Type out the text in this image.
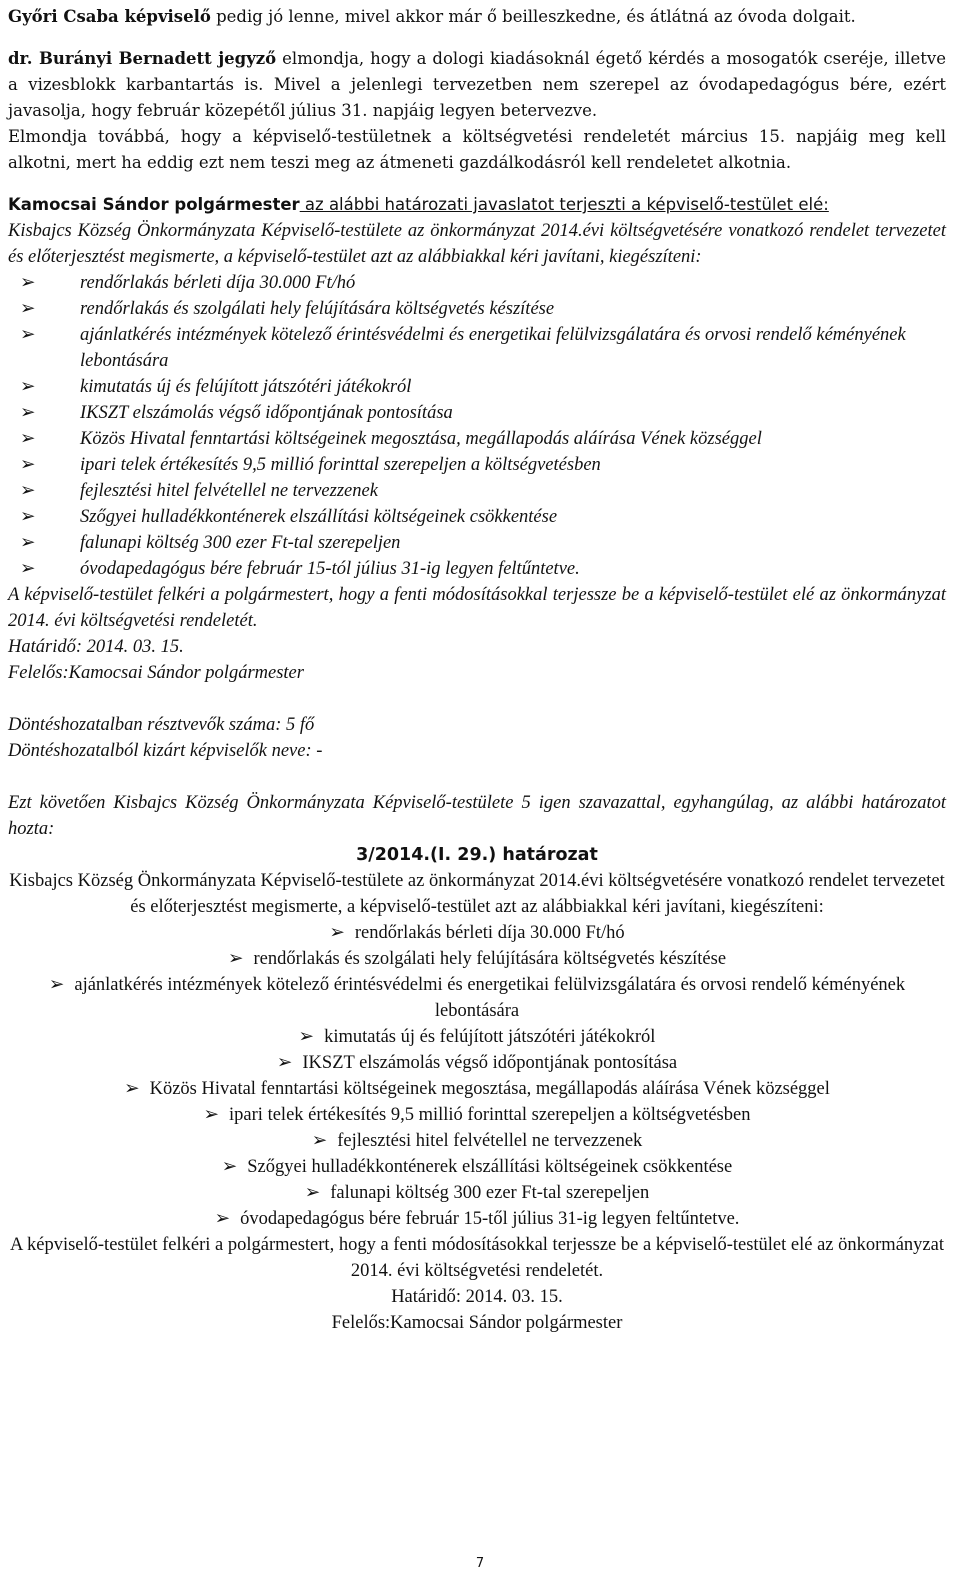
Győri Csaba képviselő pedig jó lenne, mivel akkor már ő beilleszkedne, és átlátná az óvoda dolgait.

dr. Burányi Bernadett jegyző elmondja, hogy a dologi kiadásoknál égető kérdés a mosogatók cseréje, illetve a vizesblokk karbantartás is. Mivel a jelenlegi tervezetben nem szerepel az óvodapedagógus bére, ezért javasolja, hogy február közepétől július 31. napjáig legyen betervezve.

Elmondja továbbá, hogy a képviselő-testületnek a költségvetési rendeletét március 15. napjáig meg kell alkotni, mert ha eddig ezt nem teszi meg az átmeneti gazdálkodásról kell rendeletet alkotnia.

Kamocsai Sándor polgármester az alábbi határozati javaslatot terjeszti a képviselő-testület elé:

Kisbajcs Község Önkormányzata Képviselő-testülete az önkormányzat 2014.évi költségvetésére vonatkozó rendelet tervezetet és előterjesztést megismerte, a képviselő-testület azt az alábbiakkal kéri javítani, kiegészíteni:

➢ rendőrlakás bérleti díja 30.000 Ft/hó
➢ rendőrlakás és szolgálati hely felújítására költségvetés készítése
➢ ajánlatkérés intézmények kötelező érintésvédelmi és energetikai felülvizsgálatára és orvosi rendelő kéményének lebontására
➢ kimutatás új és felújított játszótéri játékokról
➢ IKSZT elszámolás végső időpontjának pontosítása
➢ Közös Hivatal fenntartási költségeinek megosztása, megállapodás aláírása Vének községgel
➢ ipari telek értékesítés 9,5 millió forinttal szerepeljen a költségvetésben
➢ fejlesztési hitel felvétellel ne tervezzenek
➢ Szőgyei hulladékkonténerek elszállítási költségeinek csökkentése
➢ falunapi költség 300 ezer Ft-tal szerepeljen
➢ óvodapedagógus bére február 15-tól július 31-ig legyen feltűntetve.

A képviselő-testület felkéri a polgármestert, hogy a fenti módosításokkal terjessze be a képviselő-testület elé az önkormányzat 2014. évi költségvetési rendeletét.

Határidő: 2014. 03. 15.

Felelős:Kamocsai Sándor polgármester

Döntéshozatalban résztvevők száma: 5 fő

Döntéshozatalból kizárt képviselők neve: -

Ezt követően Kisbajcs Község Önkormányzata Képviselő-testülete 5 igen szavazattal, egyhangúlag, az alábbi határozatot hozta:

3/2014.(I. 29.) határozat

Kisbajcs Község Önkormányzata Képviselő-testülete az önkormányzat 2014.évi költségvetésére vonatkozó rendelet tervezetet és előterjesztést megismerte, a képviselő-testület azt az alábbiakkal kéri javítani, kiegészíteni:

➢ rendőrlakás bérleti díja 30.000 Ft/hó

➢ rendőrlakás és szolgálati hely felújítására költségvetés készítése

➢ ajánlatkérés intézmények kötelező érintésvédelmi és energetikai felülvizsgálatára és orvosi rendelő kéményének lebontására

➢ kimutatás új és felújított játszótéri játékokról

➢ IKSZT elszámolás végső időpontjának pontosítása

➢ Közös Hivatal fenntartási költségeinek megosztása, megállapodás aláírása Vének községgel

➢ ipari telek értékesítés 9,5 millió forinttal szerepeljen a költségvetésben

➢ fejlesztési hitel felvétellel ne tervezzenek

➢ Szőgyei hulladékkonténerek elszállítási költségeinek csökkentése

➢ falunapi költség 300 ezer Ft-tal szerepeljen

➢ óvodapedagógus bére február 15-től július 31-ig legyen feltűntetve.

A képviselő-testület felkéri a polgármestert, hogy a fenti módosításokkal terjessze be a képviselő-testület elé az önkormányzat 2014. évi költségvetési rendeletét.

Határidő: 2014. 03. 15.

Felelős:Kamocsai Sándor polgármester

7
